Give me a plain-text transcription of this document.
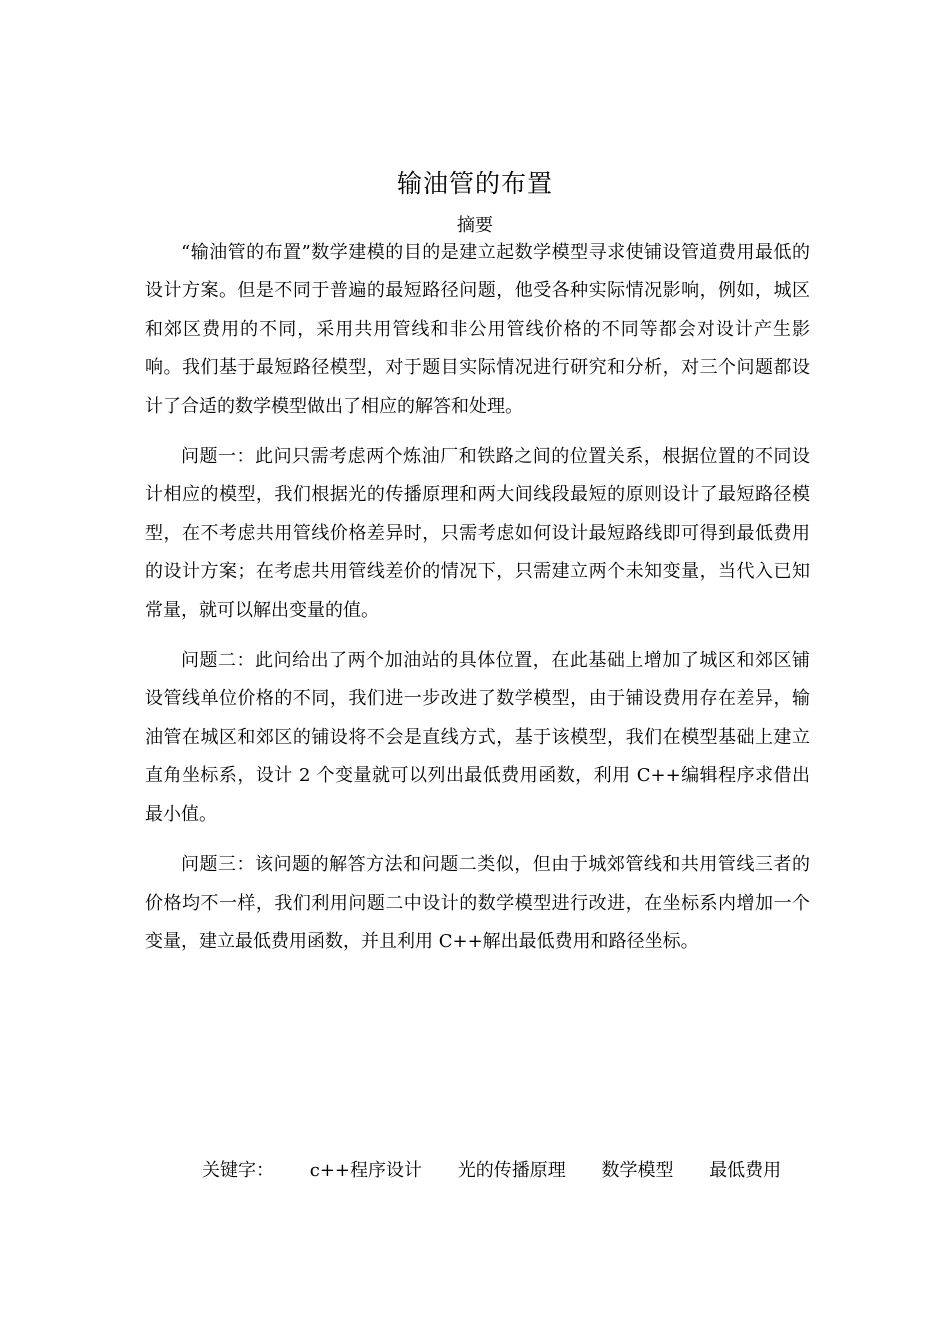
输油管的布置
摘要

“输油管的布置”数学建模的目的是建立起数学模型寻求使铺设管道费用最低的设计方案。但是不同于普遍的最短路径问题，他受各种实际情况影响，例如，城区和郊区费用的不同，采用共用管线和非公用管线价格的不同等都会对设计产生影响。我们基于最短路径模型，对于题目实际情况进行研究和分析，对三个问题都设计了合适的数学模型做出了相应的解答和处理。

问题一：此问只需考虑两个炼油厂和铁路之间的位置关系，根据位置的不同设计相应的模型，我们根据光的传播原理和两大间线段最短的原则设计了最短路径模型，在不考虑共用管线价格差异时，只需考虑如何设计最短路线即可得到最低费用的设计方案；在考虑共用管线差价的情况下，只需建立两个未知变量，当代入已知常量，就可以解出变量的值。

问题二：此问给出了两个加油站的具体位置，在此基础上增加了城区和郊区铺设管线单位价格的不同，我们进一步改进了数学模型，由于铺设费用存在差异，输油管在城区和郊区的铺设将不会是直线方式，基于该模型，我们在模型基础上建立直角坐标系，设计 2 个变量就可以列出最低费用函数，利用 C++编辑程序求借出最小值。

问题三：该问题的解答方法和问题二类似，但由于城郊管线和共用管线三者的价格均不一样，我们利用问题二中设计的数学模型进行改进，在坐标系内增加一个变量，建立最低费用函数，并且利用 C++解出最低费用和路径坐标。

关键字： c++程序设计 光的传播原理 数学模型 最低费用
